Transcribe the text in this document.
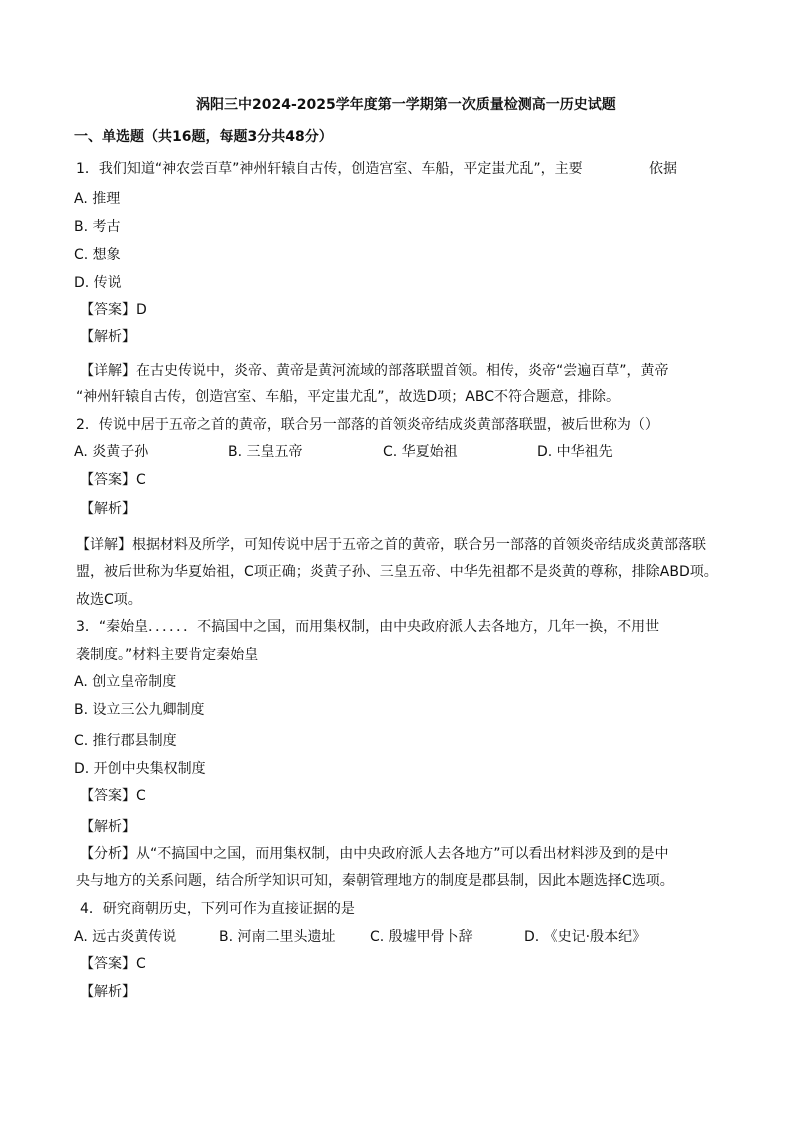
涡阳三中2024-2025学年度第一学期第一次质量检测高一历史试题
一、单选题（共16题，每题3分共48分）
1．我们知道“神农尝百草”神州轩辕自古传，创造宫室、车船，平定蚩尤乱”，主要	依据
A. 推理
B. 考古
C. 想象
D. 传说
【答案】D
【解析】
【详解】在古史传说中，炎帝、黄帝是黄河流域的部落联盟首领。相传，炎帝“尝遍百草”，黄帝
“神州轩辕自古传，创造宫室、车船，平定蚩尤乱”，故选D项；ABC不符合题意，排除。
2．传说中居于五帝之首的黄帝，联合另一部落的首领炎帝结成炎黄部落联盟，被后世称为（）
A. 炎黄子孙	B. 三皇五帝	C. 华夏始祖	D. 中华祖先
【答案】C
【解析】
【详解】根据材料及所学，可知传说中居于五帝之首的黄帝，联合另一部落的首领炎帝结成炎黄部落联
盟，被后世称为华夏始祖，C项正确；炎黄子孙、三皇五帝、中华先祖都不是炎黄的尊称，排除ABD项。
故选C项。
3．“秦始皇．．．．．．不搞国中之国，而用集权制，由中央政府派人去各地方，几年一换，不用世
袭制度。”材料主要肯定秦始皇
A. 创立皇帝制度
B. 设立三公九卿制度
C. 推行郡县制度
D. 开创中央集权制度
【答案】C
【解析】
【分析】从“不搞国中之国，而用集权制，由中央政府派人去各地方”可以看出材料涉及到的是中
央与地方的关系问题，结合所学知识可知，秦朝管理地方的制度是郡县制，因此本题选择C选项。
4．研究商朝历史，下列可作为直接证据的是
A. 远古炎黄传说	B. 河南二里头遗址 C. 殷墟甲骨卜辞	D. 《史记·殷本纪》
【答案】C
【解析】
